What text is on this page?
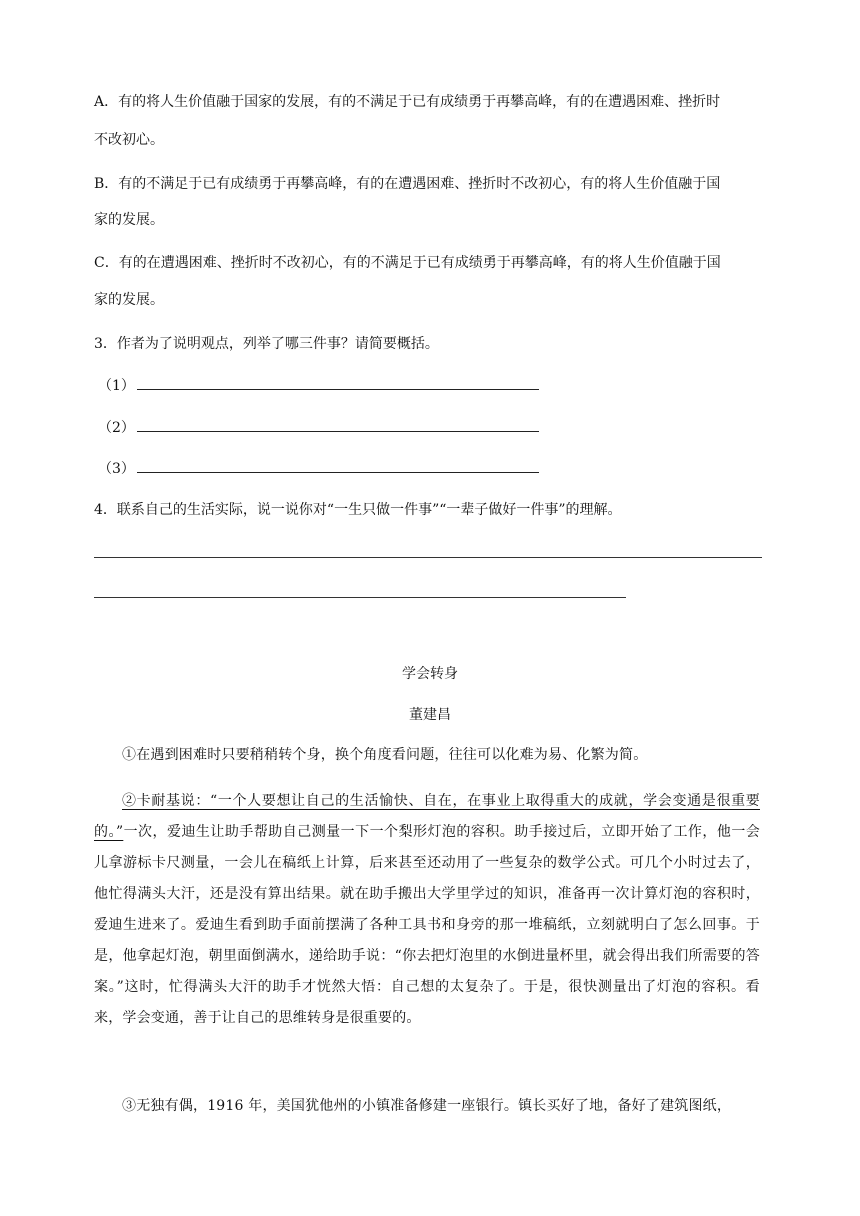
A．有的将人生价值融于国家的发展，有的不满足于已有成绩勇于再攀高峰，有的在遭遇困难、挫折时
不改初心。
B．有的不满足于已有成绩勇于再攀高峰，有的在遭遇困难、挫折时不改初心，有的将人生价值融于国
家的发展。
C．有的在遭遇困难、挫折时不改初心，有的不满足于已有成绩勇于再攀高峰，有的将人生价值融于国
家的发展。
3．作者为了说明观点，列举了哪三件事？请简要概括。
（1）
（2）
（3）
4．联系自己的生活实际，说一说你对“一生只做一件事”“一辈子做好一件事”的理解。
学会转身
董建昌

①在遇到困难时只要稍稍转个身，换个角度看问题，往往可以化难为易、化繁为简。

②卡耐基说：“一个人要想让自己的生活愉快、自在，在事业上取得重大的成就，学会变通是很重要的。”一次，爱迪生让助手帮助自己测量一下一个梨形灯泡的容积。助手接过后，立即开始了工作，他一会儿拿游标卡尺测量，一会儿在稿纸上计算，后来甚至还动用了一些复杂的数学公式。可几个小时过去了，他忙得满头大汗，还是没有算出结果。就在助手搬出大学里学过的知识，准备再一次计算灯泡的容积时，爱迪生进来了。爱迪生看到助手面前摆满了各种工具书和身旁的那一堆稿纸，立刻就明白了怎么回事。于是，他拿起灯泡，朝里面倒满水，递给助手说：“你去把灯泡里的水倒进量杯里，就会得出我们所需要的答案。”这时，忙得满头大汗的助手才恍然大悟：自己想的太复杂了。于是，很快测量出了灯泡的容积。看来，学会变通，善于让自己的思维转身是很重要的。

③无独有偶，1916 年，美国犹他州的小镇准备修建一座银行。镇长买好了地，备好了建筑图纸，
